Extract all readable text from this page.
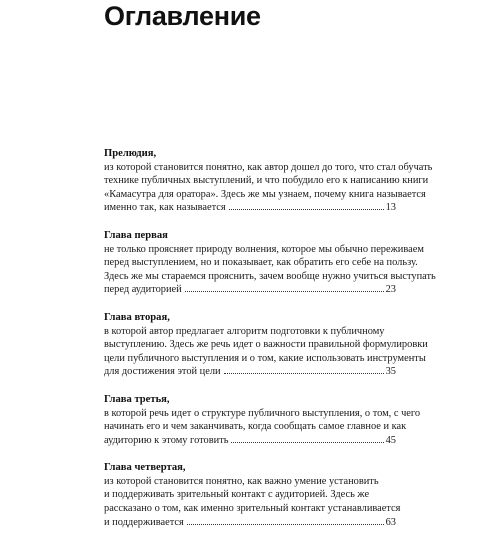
Оглавление
Прелюдия,
из которой становится понятно, как автор дошел до того, что стал обучать
технике публичных выступлений, и что побудило его к написанию книги
«Камасутра для оратора». Здесь же мы узнаем, почему книга называется
именно так, как называется	13
Глава первая
не только проясняет природу волнения, которое мы обычно переживаем
перед выступлением, но и показывает, как обратить его себе на пользу.
Здесь же мы стараемся прояснить, зачем вообще нужно учиться выступать
перед аудиторией	23
Глава вторая,
в которой автор предлагает алгоритм подготовки к публичному
выступлению. Здесь же речь идет о важности правильной формулировки
цели публичного выступления и о том, какие использовать инструменты
для достижения этой цели	35
Глава третья,
в которой речь идет о структуре публичного выступления, о том, с чего
начинать его и чем заканчивать, когда сообщать самое главное и как
аудиторию к этому готовить	45
Глава четвертая,
из которой становится понятно, как важно умение установить
и поддерживать зрительный контакт с аудиторией. Здесь же
рассказано о том, как именно зрительный контакт устанавливается
и поддерживается	63
